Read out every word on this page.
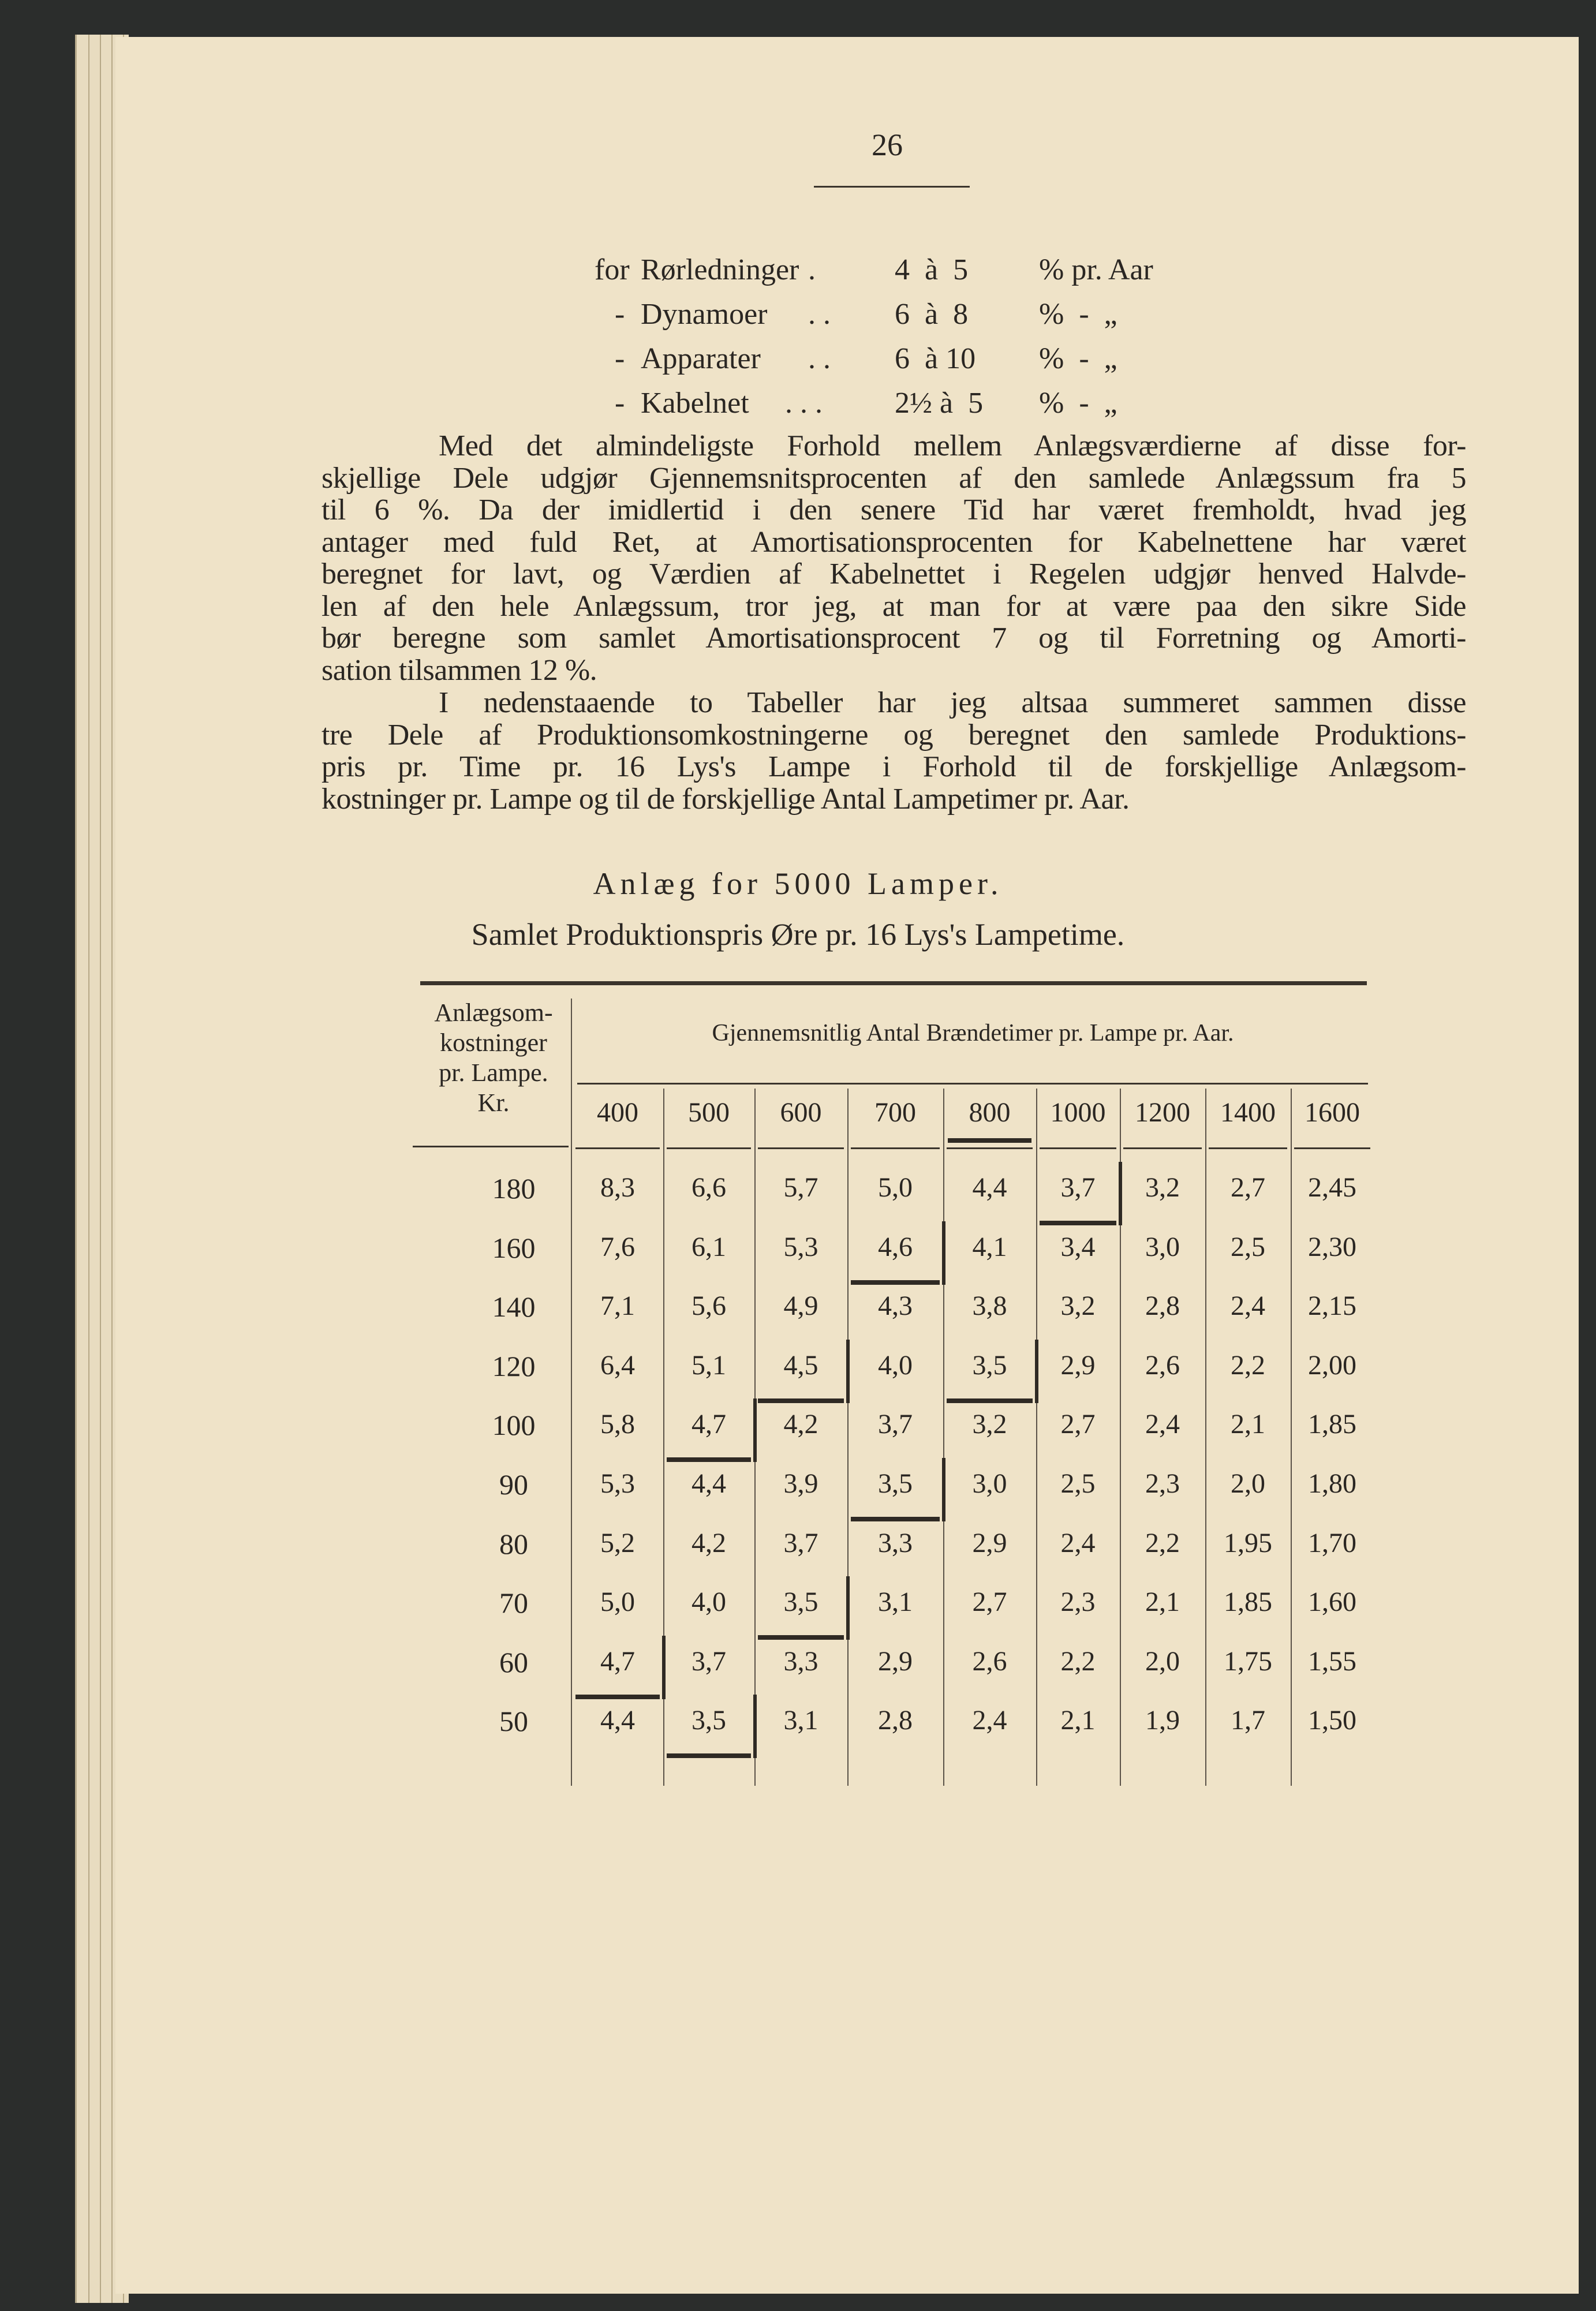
26
for Rørledninger .	4  à  5 % pr. Aar
- Dynamoer . . 6  à  8 %  -  „
- Apparater . . 6  à 10 %  -  „
- Kabelnet . . . 2½ à  5 %  -  „
Med det almindeligste Forhold mellem Anlægsværdierne af disse for-
skjellige Dele udgjør Gjennemsnitsprocenten af den samlede Anlægssum fra 5
til 6 %. Da der imidlertid i den senere Tid har været fremholdt, hvad jeg
antager med fuld Ret, at Amortisationsprocenten for Kabelnettene har været
beregnet for lavt, og Værdien af Kabelnettet i Regelen udgjør henved Halvde-
len af den hele Anlægssum, tror jeg, at man for at være paa den sikre Side
bør beregne som samlet Amortisationsprocent 7 og til Forretning og Amorti-
sation tilsammen 12 %.
I nedenstaaende to Tabeller har jeg altsaa summeret sammen disse
tre Dele af Produktionsomkostningerne og beregnet den samlede Produktions-
pris pr. Time pr. 16 Lys's Lampe i Forhold til de forskjellige Anlægsom-
kostninger pr. Lampe og til de forskjellige Antal Lampetimer pr. Aar.
Anlæg for 5000 Lamper.
Samlet Produktionspris Øre pr. 16 Lys's Lampetime.
Anlægsom-
kostninger
pr. Lampe.
Kr.
Gjennemsnitlig Antal Brændetimer pr. Lampe pr. Aar.
400	500	600	700	800	1000	1200	1400	1600
180	8,3	6,6	5,7	5,0	4,4	3,7	3,2	2,7	2,45
160	7,6	6,1	5,3	4,6	4,1	3,4	3,0	2,5	2,30
140	7,1	5,6	4,9	4,3	3,8	3,2	2,8	2,4	2,15
120	6,4	5,1	4,5	4,0	3,5	2,9	2,6	2,2	2,00
100	5,8	4,7	4,2	3,7	3,2	2,7	2,4	2,1	1,85
90	5,3	4,4	3,9	3,5	3,0	2,5	2,3	2,0	1,80
80	5,2	4,2	3,7	3,3	2,9	2,4	2,2	1,95	1,70
70	5,0	4,0	3,5	3,1	2,7	2,3	2,1	1,85	1,60
60	4,7	3,7	3,3	2,9	2,6	2,2	2,0	1,75	1,55
50	4,4	3,5	3,1	2,8	2,4	2,1	1,9	1,7	1,50
